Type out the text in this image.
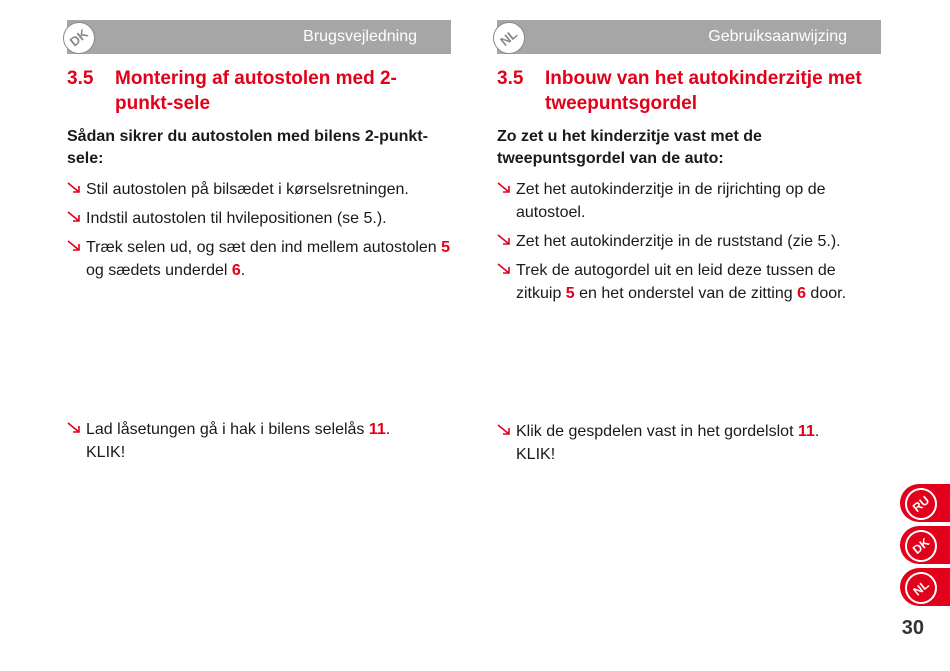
DK	Brugsvejledning
3.5	Montering af autostolen med 2-punkt-sele

Sådan sikrer du autostolen med bilens 2-punkt-sele:

Stil autostolen på bilsædet i kørselsretningen.
Indstil autostolen til hvilepositionen (se 5.).
Træk selen ud, og sæt den ind mellem autostolen 5 og sædets underdel 6.
Lad låsetungen gå i hak i bilens selelås 11.
KLIK!
NL	Gebruiksaanwijzing
3.5	Inbouw van het autokinderzitje met tweepuntsgordel

Zo zet u het kinderzitje vast met de tweepuntsgordel van de auto:

Zet het autokinderzitje in de rijrichting op de autostoel.
Zet het autokinderzitje in de ruststand (zie 5.).
Trek de autogordel uit en leid deze tussen de zitkuip 5 en het onderstel van de zitting 6 door.
Klik de gespdelen vast in het gordelslot 11.
KLIK!
RU
DK
NL
30
